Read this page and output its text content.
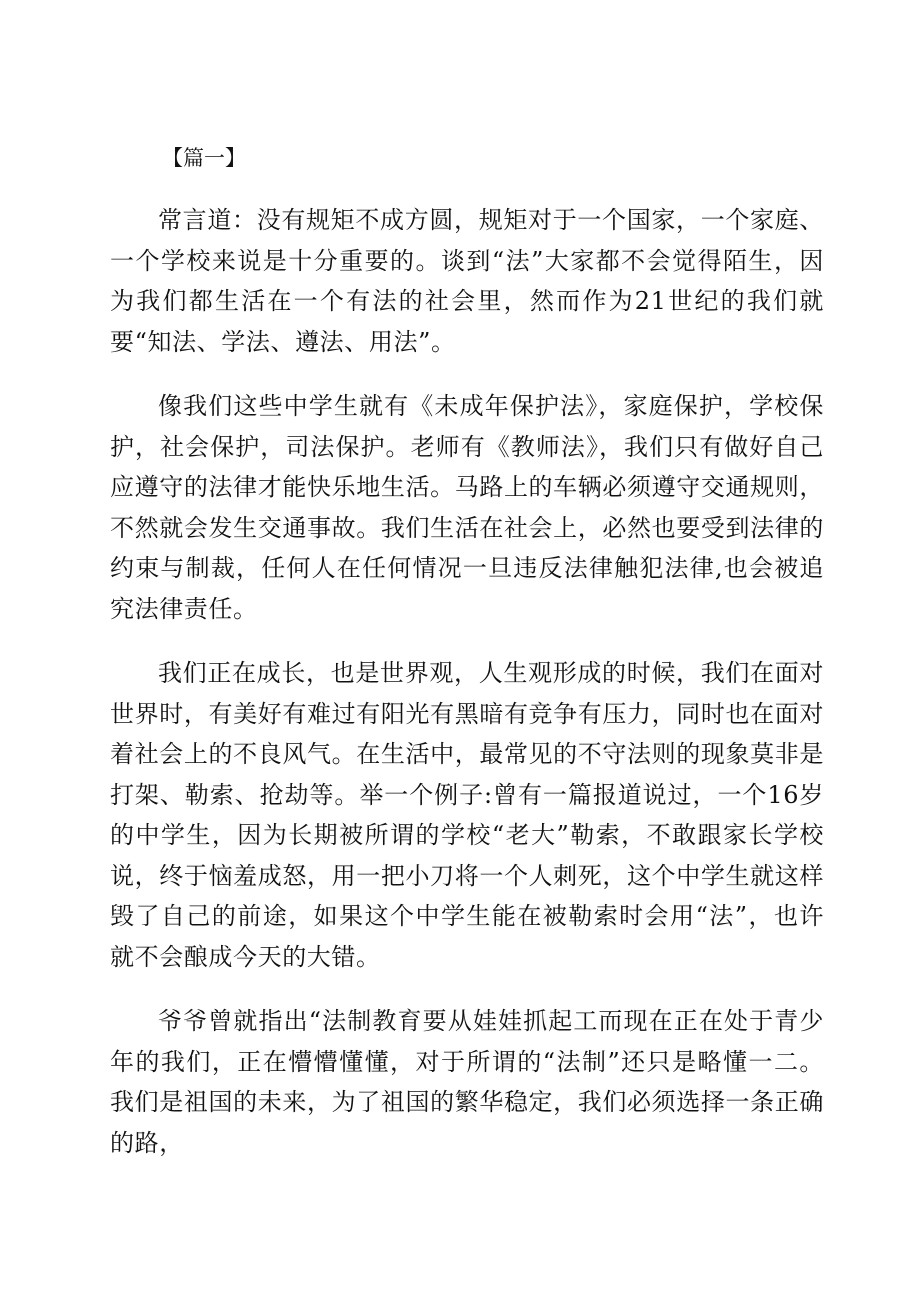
【篇一】

常言道：没有规矩不成方圆，规矩对于一个国家，一个家庭、一个学校来说是十分重要的。谈到“法”大家都不会觉得陌生，因为我们都生活在一个有法的社会里，然而作为21世纪的我们就要“知法、学法、遵法、用法”。

像我们这些中学生就有《未成年保护法》，家庭保护，学校保护，社会保护，司法保护。老师有《教师法》，我们只有做好自己应遵守的法律才能快乐地生活。马路上的车辆必须遵守交通规则，不然就会发生交通事故。我们生活在社会上，必然也要受到法律的约束与制裁，任何人在任何情况一旦违反法律触犯法律,也会被追究法律责任。

我们正在成长，也是世界观，人生观形成的时候，我们在面对世界时，有美好有难过有阳光有黑暗有竞争有压力，同时也在面对着社会上的不良风气。在生活中，最常见的不守法则的现象莫非是打架、勒索、抢劫等。举一个例子:曾有一篇报道说过，一个16岁的中学生，因为长期被所谓的学校“老大”勒索，不敢跟家长学校说，终于恼羞成怒，用一把小刀将一个人刺死，这个中学生就这样毁了自己的前途，如果这个中学生能在被勒索时会用“法”，也许就不会酿成今天的大错。

爷爷曾就指出“法制教育要从娃娃抓起工而现在正在处于青少年的我们，正在懵懵懂懂，对于所谓的“法制”还只是略懂一二。我们是祖国的未来，为了祖国的繁华稳定，我们必须选择一条正确的路，
